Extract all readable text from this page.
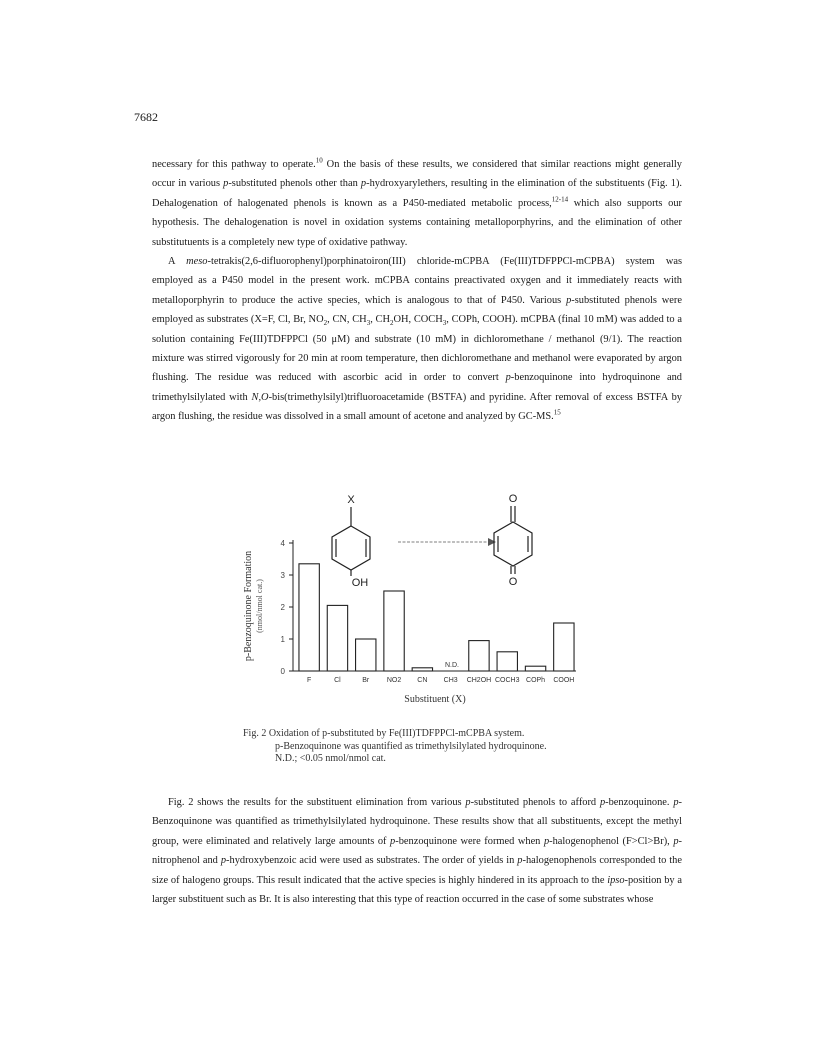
7682

necessary for this pathway to operate.$^{10}$ On the basis of these results, we considered that similar reactions might generally occur in various p-substituted phenols other than p-hydroxyarylethers, resulting in the elimination of the substituents (Fig. 1). Dehalogenation of halogenated phenols is known as a P450-mediated metabolic process,$^{12-14}$ which also supports our hypothesis. The dehalogenation is novel in oxidation systems containing metalloporphyrins, and the elimination of other substitutuents is a completely new type of oxidative pathway.

A meso-tetrakis(2,6-difluorophenyl)porphinatoiron(III) chloride-mCPBA (Fe(III)TDFPPCl-mCPBA) system was employed as a P450 model in the present work. mCPBA contains preactivated oxygen and it immediately reacts with metalloporphyrin to produce the active species, which is analogous to that of P450. Various p-substituted phenols were employed as substrates (X=F, Cl, Br, $NO_2$, CN, $CH_3$, $CH_2OH$, $COCH_3$, COPh, COOH). mCPBA (final 10 mM) was added to a solution containing Fe(III)TDFPPCl (50 μM) and substrate (10 mM) in dichloromethane / methanol (9/1). The reaction mixture was stirred vigorously for 20 min at room temperature, then dichloromethane and methanol were evaporated by argon flushing. The residue was reduced with ascorbic acid in order to convert p-benzoquinone into hydroquinone and trimethylsilylated with N,O-bis(trimethylsilyl)trifluoroacetamide (BSTFA) and pyridine. After removal of excess BSTFA by argon flushing, the residue was dissolved in a small amount of acetone and analyzed by GC-MS.$^{15}$

X
OH
O
O
0
1
2
3
4
F	Cl	Br	NO2 CN CH3 CH2OH COCH3 COPh COOH
N.D.
Substituent (X)
p-Benzoquinone Formation (nmol/nmol cat.)
Fig. 2 Oxidation of p-substituted by Fe(III)TDFPPCl-mCPBA system.
p-Benzoquinone was quantified as trimethylsilylated hydroquinone.
N.D.; <0.05 nmol/nmol cat.

Fig. 2 shows the results for the substituent elimination from various p-substituted phenols to afford p-benzoquinone. p-Benzoquinone was quantified as trimethylsilylated hydroquinone. These results show that all substituents, except the methyl group, were eliminated and relatively large amounts of p-benzoquinone were formed when p-halogenophenol (F>Cl>Br), p-nitrophenol and p-hydroxybenzoic acid were used as substrates. The order of yields in p-halogenophenols corresponded to the size of halogeno groups. This result indicated that the active species is highly hindered in its approach to the ipso-position by a larger substituent such as Br. It is also interesting that this type of reaction occurred in the case of some substrates whose
